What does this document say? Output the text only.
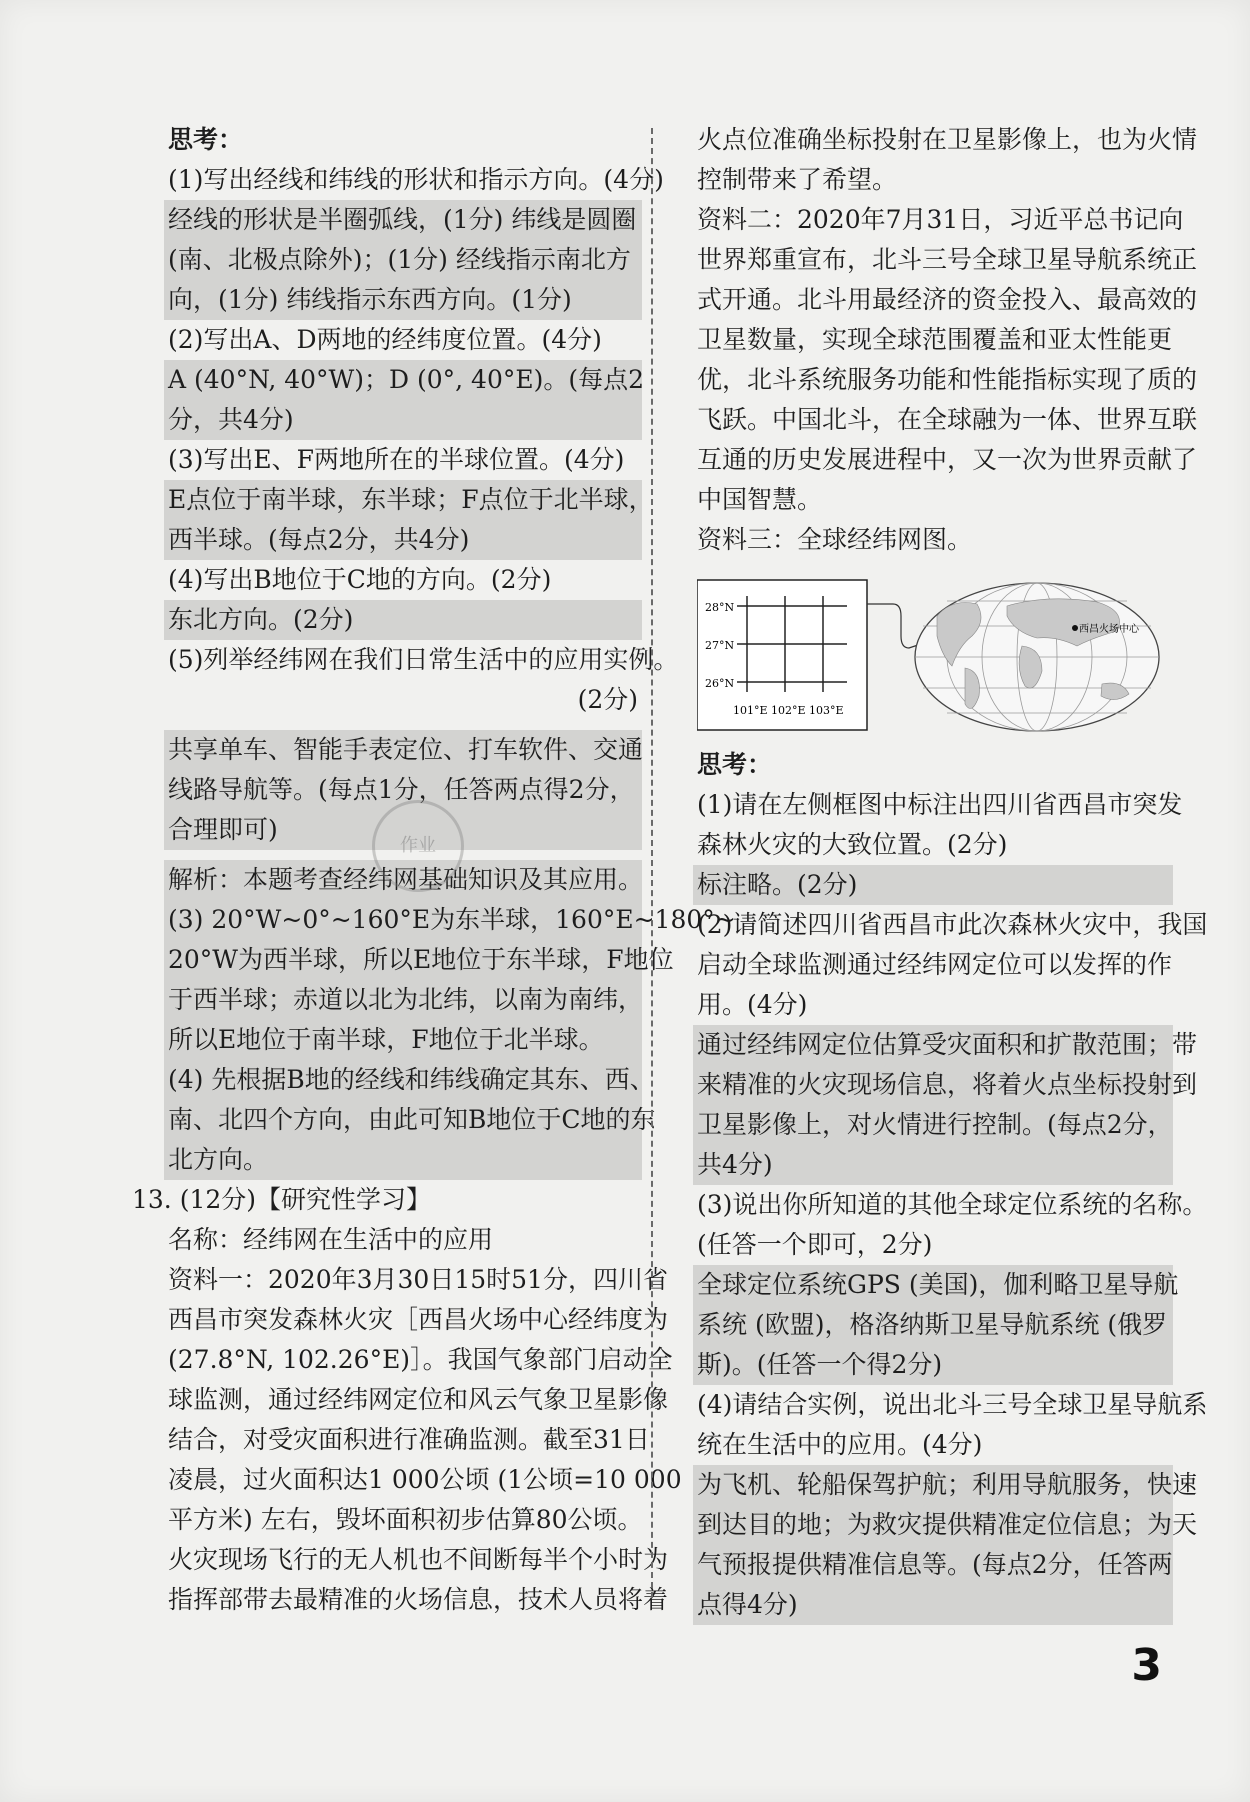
思考：
(1)写出经线和纬线的形状和指示方向。(4分)
经线的形状是半圈弧线，(1分) 纬线是圆圈
(南、北极点除外)；(1分) 经线指示南北方
向，(1分) 纬线指示东西方向。(1分)
(2)写出A、D两地的经纬度位置。(4分)
A (40°N, 40°W)；D (0°, 40°E)。(每点2
分，共4分)
(3)写出E、F两地所在的半球位置。(4分)
E点位于南半球，东半球；F点位于北半球，
西半球。(每点2分，共4分)
(4)写出B地位于C地的方向。(2分)
东北方向。(2分)
(5)列举经纬网在我们日常生活中的应用实例。
(2分)
共享单车、智能手表定位、打车软件、交通
线路导航等。(每点1分，任答两点得2分，
合理即可)
解析：本题考查经纬网基础知识及其应用。
(3) 20°W~0°~160°E为东半球，160°E~180°~
20°W为西半球，所以E地位于东半球，F地位
于西半球；赤道以北为北纬，以南为南纬，
所以E地位于南半球，F地位于北半球。
(4) 先根据B地的经线和纬线确定其东、西、
南、北四个方向，由此可知B地位于C地的东
北方向。
13. (12分)【研究性学习】
名称：经纬网在生活中的应用
资料一：2020年3月30日15时51分，四川省
西昌市突发森林火灾［西昌火场中心经纬度为
(27.8°N, 102.26°E)］。我国气象部门启动全
球监测，通过经纬网定位和风云气象卫星影像
结合，对受灾面积进行准确监测。截至31日
凌晨，过火面积达1 000公顷 (1公顷=10 000
平方米) 左右，毁坏面积初步估算80公顷。
火灾现场飞行的无人机也不间断每半个小时为
指挥部带去最精准的火场信息，技术人员将着
火点位准确坐标投射在卫星影像上，也为火情
控制带来了希望。
资料二：2020年7月31日，习近平总书记向
世界郑重宣布，北斗三号全球卫星导航系统正
式开通。北斗用最经济的资金投入、最高效的
卫星数量，实现全球范围覆盖和亚太性能更
优，北斗系统服务功能和性能指标实现了质的
飞跃。中国北斗，在全球融为一体、世界互联
互通的历史发展进程中，又一次为世界贡献了
中国智慧。
资料三：全球经纬网图。
28°N
27°N
26°N
101°E 102°E 103°E
西昌火场中心
思考：
(1)请在左侧框图中标注出四川省西昌市突发
森林火灾的大致位置。(2分)
标注略。(2分)
(2)请简述四川省西昌市此次森林火灾中，我国
启动全球监测通过经纬网定位可以发挥的作
用。(4分)
通过经纬网定位估算受灾面积和扩散范围；带
来精准的火灾现场信息，将着火点坐标投射到
卫星影像上，对火情进行控制。(每点2分，
共4分)
(3)说出你所知道的其他全球定位系统的名称。
(任答一个即可，2分)
全球定位系统GPS (美国)，伽利略卫星导航
系统 (欧盟)，格洛纳斯卫星导航系统 (俄罗
斯)。(任答一个得2分)
(4)请结合实例，说出北斗三号全球卫星导航系
统在生活中的应用。(4分)
为飞机、轮船保驾护航；利用导航服务，快速
到达目的地；为救灾提供精准定位信息；为天
气预报提供精准信息等。(每点2分，任答两
点得4分)
作业
3
